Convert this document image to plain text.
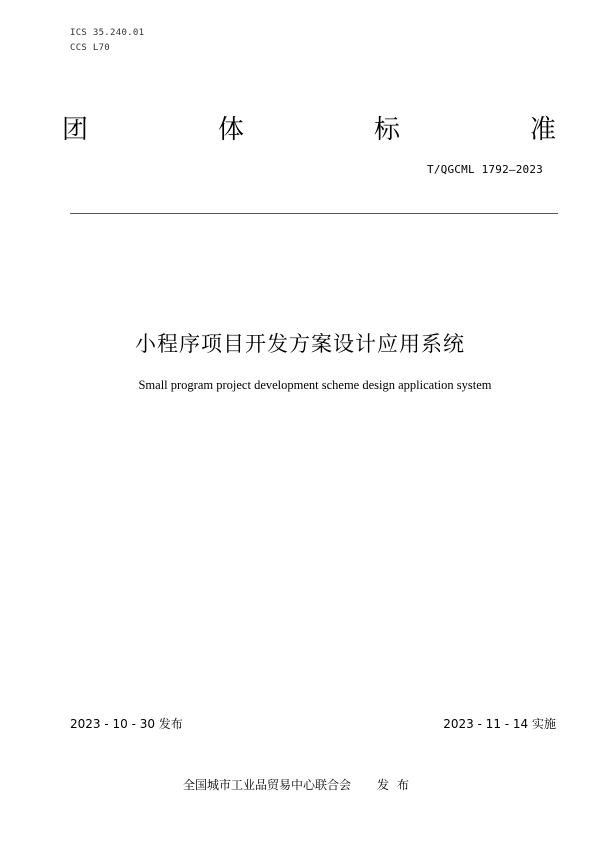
ICS 35.240.01
CCS L70
团	体	标	准
T/QGCML 1792—2023
小程序项目开发方案设计应用系统
Small program project development scheme design application system
2023 - 10 - 30 发布	2023 - 11 - 14 实施
全国城市工业品贸易中心联合会 发布
